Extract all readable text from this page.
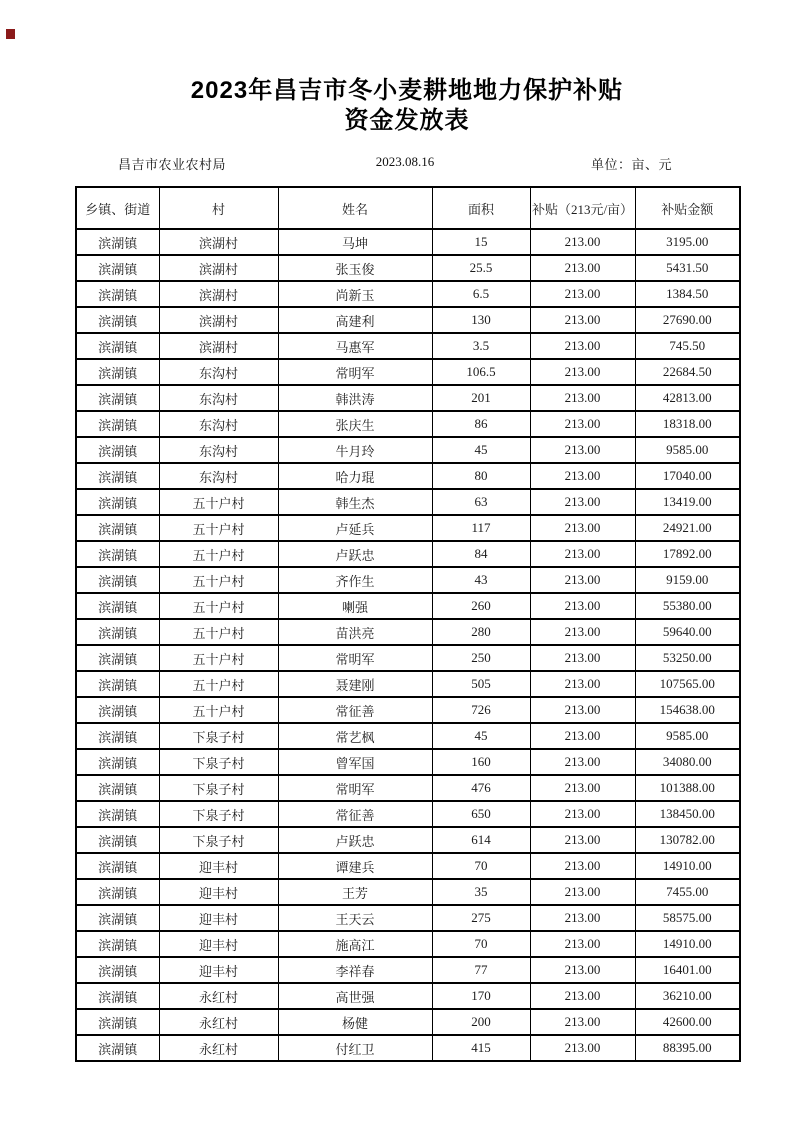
2023年昌吉市冬小麦耕地地力保护补贴
资金发放表
昌吉市农业农村局	2023.08.16	单位：亩、元
乡镇、街道	村	姓名	面积	补贴（213元/亩）	补贴金额
滨湖镇	滨湖村	马坤	15	213.00	3195.00
滨湖镇	滨湖村	张玉俊	25.5	213.00	5431.50
滨湖镇	滨湖村	尚新玉	6.5	213.00	1384.50
滨湖镇	滨湖村	高建利	130	213.00	27690.00
滨湖镇	滨湖村	马惠军	3.5	213.00	745.50
滨湖镇	东沟村	常明军	106.5	213.00	22684.50
滨湖镇	东沟村	韩洪涛	201	213.00	42813.00
滨湖镇	东沟村	张庆生	86	213.00	18318.00
滨湖镇	东沟村	牛月玲	45	213.00	9585.00
滨湖镇	东沟村	哈力琨	80	213.00	17040.00
滨湖镇	五十户村	韩生杰	63	213.00	13419.00
滨湖镇	五十户村	卢延兵	117	213.00	24921.00
滨湖镇	五十户村	卢跃忠	84	213.00	17892.00
滨湖镇	五十户村	齐作生	43	213.00	9159.00
滨湖镇	五十户村	喇强	260	213.00	55380.00
滨湖镇	五十户村	苗洪亮	280	213.00	59640.00
滨湖镇	五十户村	常明军	250	213.00	53250.00
滨湖镇	五十户村	聂建刚	505	213.00	107565.00
滨湖镇	五十户村	常征善	726	213.00	154638.00
滨湖镇	下泉子村	常艺枫	45	213.00	9585.00
滨湖镇	下泉子村	曾军国	160	213.00	34080.00
滨湖镇	下泉子村	常明军	476	213.00	101388.00
滨湖镇	下泉子村	常征善	650	213.00	138450.00
滨湖镇	下泉子村	卢跃忠	614	213.00	130782.00
滨湖镇	迎丰村	谭建兵	70	213.00	14910.00
滨湖镇	迎丰村	王芳	35	213.00	7455.00
滨湖镇	迎丰村	王天云	275	213.00	58575.00
滨湖镇	迎丰村	施高江	70	213.00	14910.00
滨湖镇	迎丰村	李祥春	77	213.00	16401.00
滨湖镇	永红村	高世强	170	213.00	36210.00
滨湖镇	永红村	杨健	200	213.00	42600.00
滨湖镇	永红村	付红卫	415	213.00	88395.00
